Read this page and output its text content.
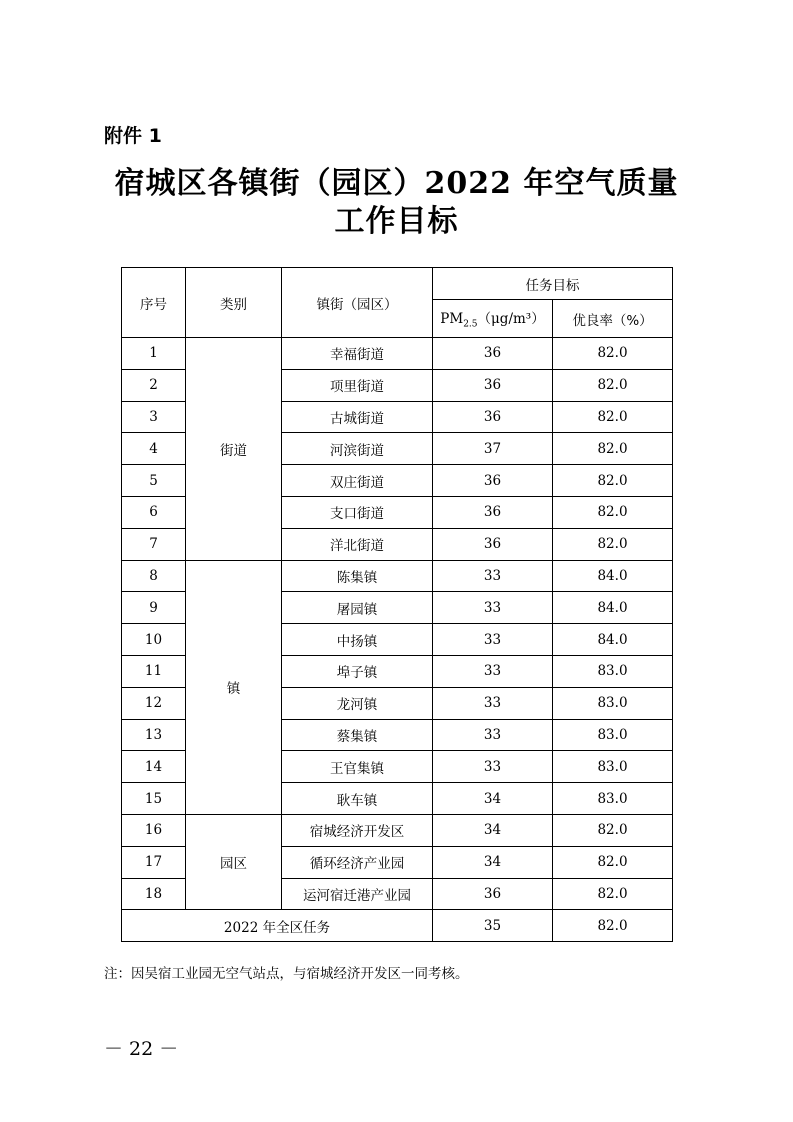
附件 1
宿城区各镇街（园区）2022 年空气质量
工作目标
序号	类别	镇街（园区）	任务目标	
			$PM_{2.5}(\mu g/m^3)$	优良率（%）
1	街道	幸福街道	36	82.0
2		项里街道	36	82.0
3		古城街道	36	82.0
4		河滨街道	37	82.0
5		双庄街道	36	82.0
6		支口街道	36	82.0
7		洋北街道	36	82.0
8	镇	陈集镇	33	84.0
9		屠园镇	33	84.0
10		中扬镇	33	84.0
11		埠子镇	33	83.0
12		龙河镇	33	83.0
13		蔡集镇	33	83.0
14		王官集镇	33	83.0
15		耿车镇	34	83.0
16	园区	宿城经济开发区	34	82.0
17		循环经济产业园	34	82.0
18		运河宿迁港产业园	36	82.0
2022 年全区任务			35	82.0
注：因吴宿工业园无空气站点，与宿城经济开发区一同考核。
－ 22 －
